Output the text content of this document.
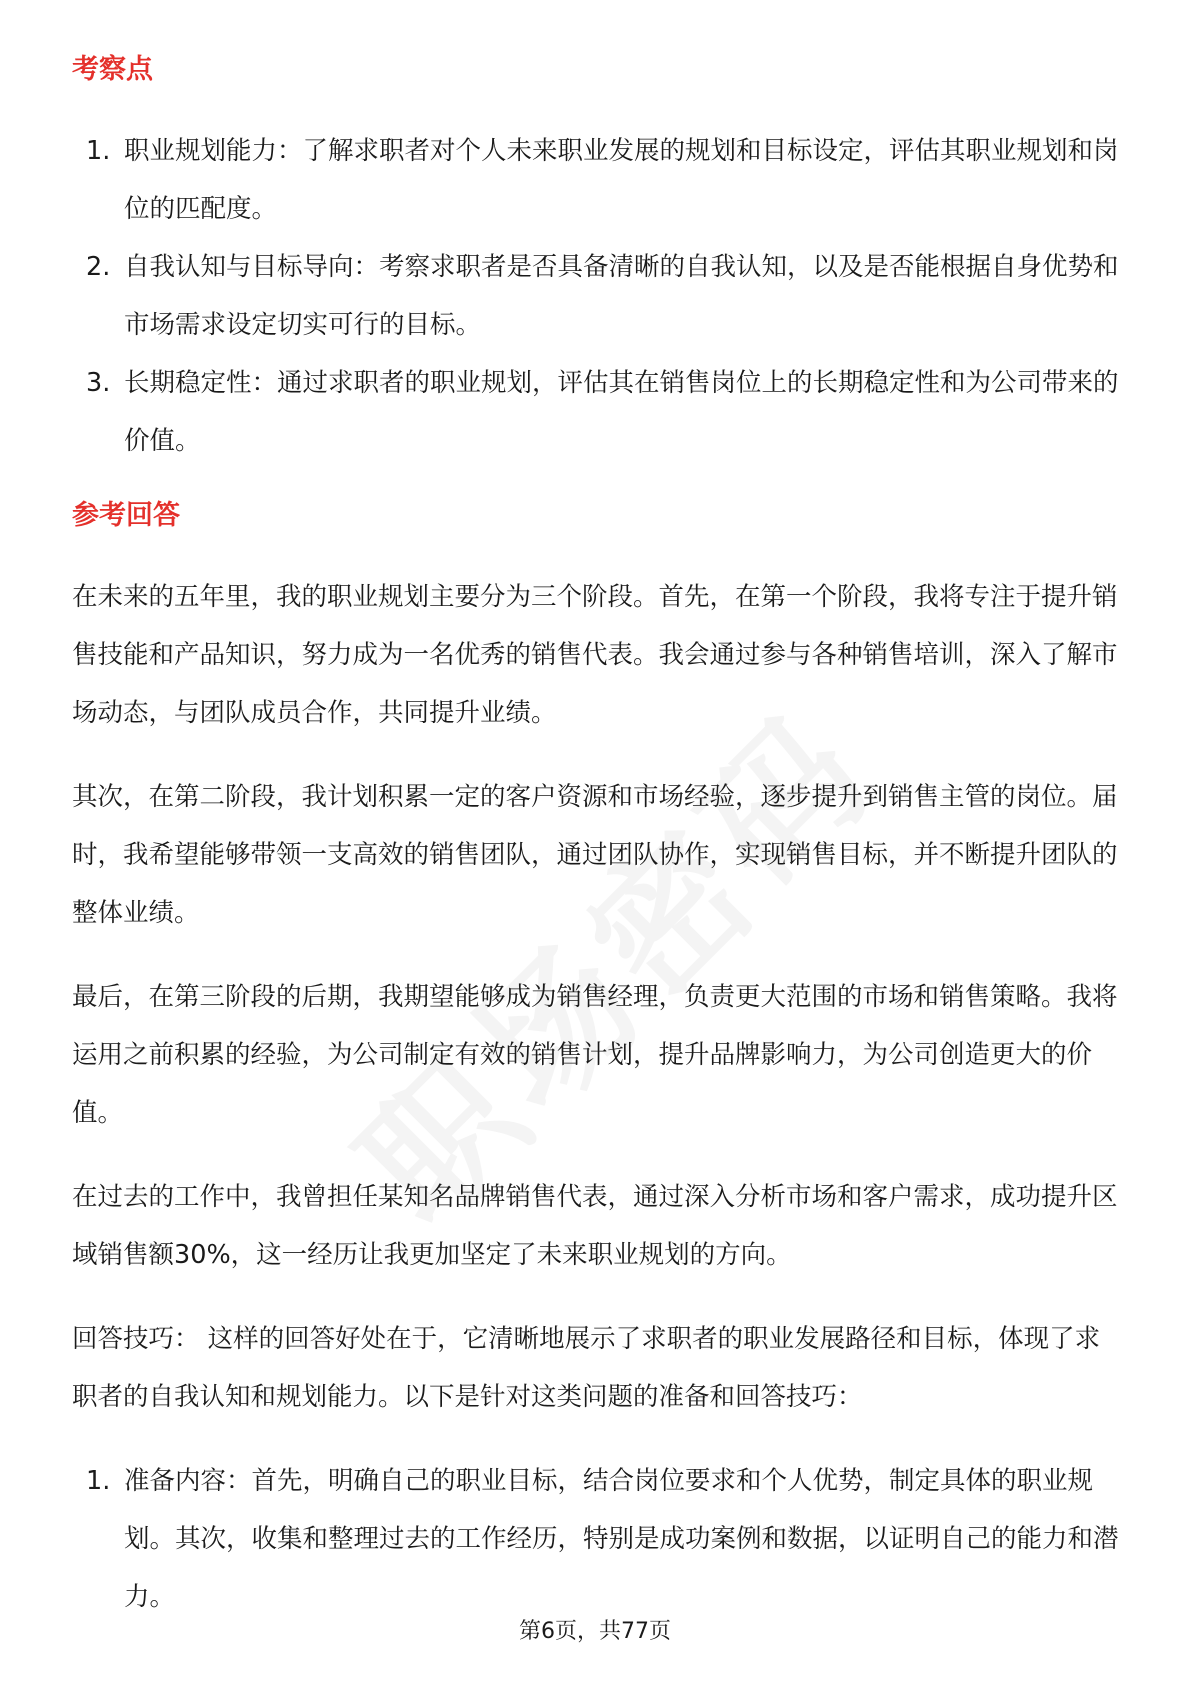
考察点
1. 职业规划能力：了解求职者对个人未来职业发展的规划和目标设定，评估其职业规划和岗位的匹配度。
2. 自我认知与目标导向：考察求职者是否具备清晰的自我认知，以及是否能根据自身优势和市场需求设定切实可行的目标。
3. 长期稳定性：通过求职者的职业规划，评估其在销售岗位上的长期稳定性和为公司带来的价值。
参考回答

在未来的五年里，我的职业规划主要分为三个阶段。首先，在第一个阶段，我将专注于提升销售技能和产品知识，努力成为一名优秀的销售代表。我会通过参与各种销售培训，深入了解市场动态，与团队成员合作，共同提升业绩。

其次，在第二阶段，我计划积累一定的客户资源和市场经验，逐步提升到销售主管的岗位。届时，我希望能够带领一支高效的销售团队，通过团队协作，实现销售目标，并不断提升团队的整体业绩。

最后，在第三阶段的后期，我期望能够成为销售经理，负责更大范围的市场和销售策略。我将运用之前积累的经验，为公司制定有效的销售计划，提升品牌影响力，为公司创造更大的价值。

在过去的工作中，我曾担任某知名品牌销售代表，通过深入分析市场和客户需求，成功提升区域销售额30%，这一经历让我更加坚定了未来职业规划的方向。

回答技巧： 这样的回答好处在于，它清晰地展示了求职者的职业发展路径和目标，体现了求职者的自我认知和规划能力。以下是针对这类问题的准备和回答技巧：

1. 准备内容：首先，明确自己的职业目标，结合岗位要求和个人优势，制定具体的职业规划。其次，收集和整理过去的工作经历，特别是成功案例和数据，以证明自己的能力和潜力。
第6页，共77页
